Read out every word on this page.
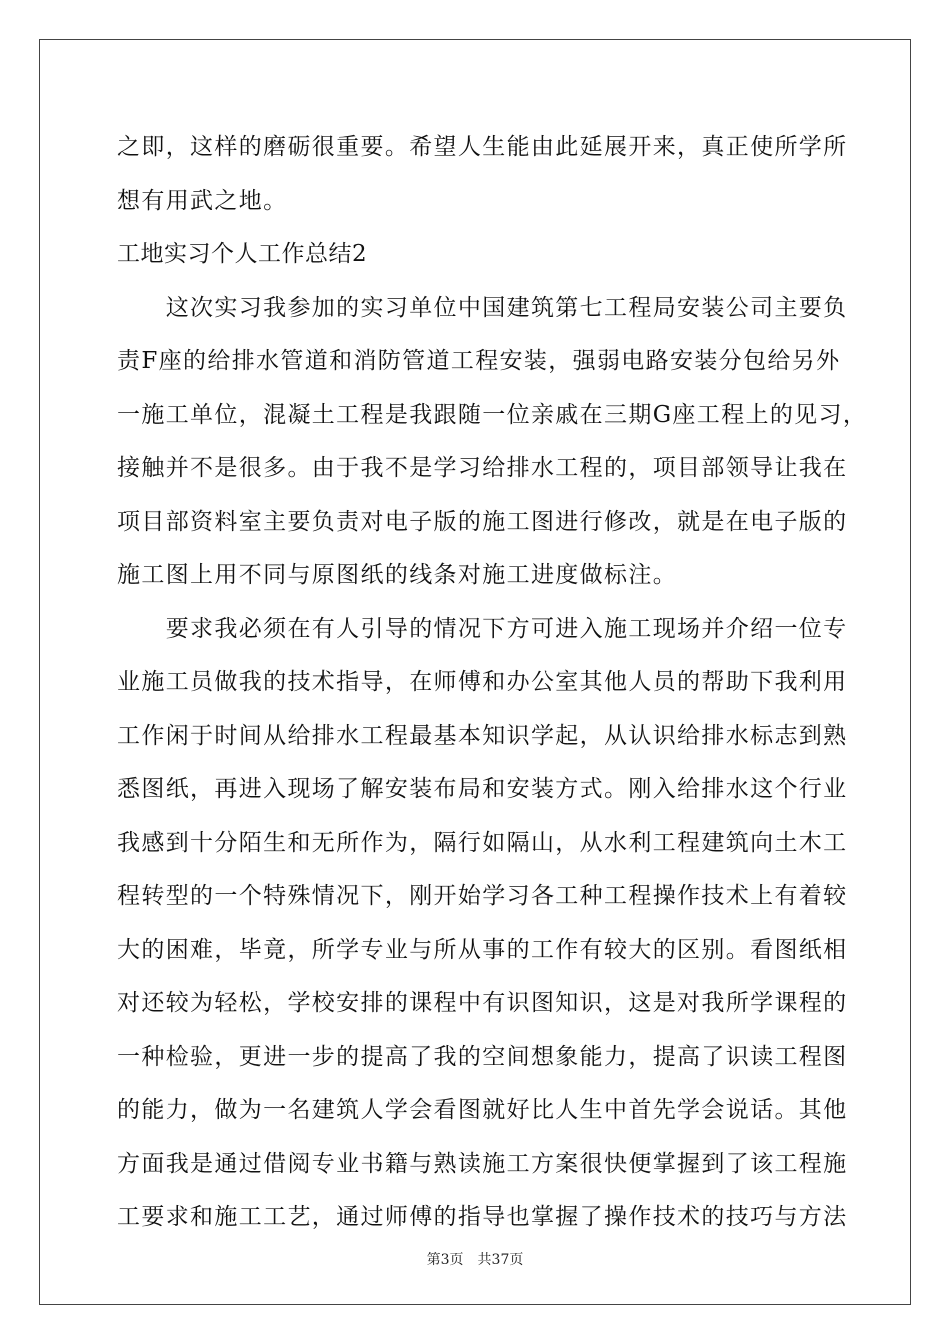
之即，这样的磨砺很重要。希望人生能由此延展开来，真正使所学所
想有用武之地。
工地实习个人工作总结2
　　这次实习我参加的实习单位中国建筑第七工程局安装公司主要负
责F座的给排水管道和消防管道工程安装，强弱电路安装分包给另外
一施工单位，混凝土工程是我跟随一位亲戚在三期G座工程上的见习，
接触并不是很多。由于我不是学习给排水工程的，项目部领导让我在
项目部资料室主要负责对电子版的施工图进行修改，就是在电子版的
施工图上用不同与原图纸的线条对施工进度做标注。
　　要求我必须在有人引导的情况下方可进入施工现场并介绍一位专
业施工员做我的技术指导，在师傅和办公室其他人员的帮助下我利用
工作闲于时间从给排水工程最基本知识学起，从认识给排水标志到熟
悉图纸，再进入现场了解安装布局和安装方式。刚入给排水这个行业
我感到十分陌生和无所作为，隔行如隔山，从水利工程建筑向土木工
程转型的一个特殊情况下，刚开始学习各工种工程操作技术上有着较
大的困难，毕竟，所学专业与所从事的工作有较大的区别。看图纸相
对还较为轻松，学校安排的课程中有识图知识，这是对我所学课程的
一种检验，更进一步的提高了我的空间想象能力，提高了识读工程图
的能力，做为一名建筑人学会看图就好比人生中首先学会说话。其他
方面我是通过借阅专业书籍与熟读施工方案很快便掌握到了该工程施
工要求和施工工艺，通过师傅的指导也掌握了操作技术的技巧与方法
第3页　共37页
